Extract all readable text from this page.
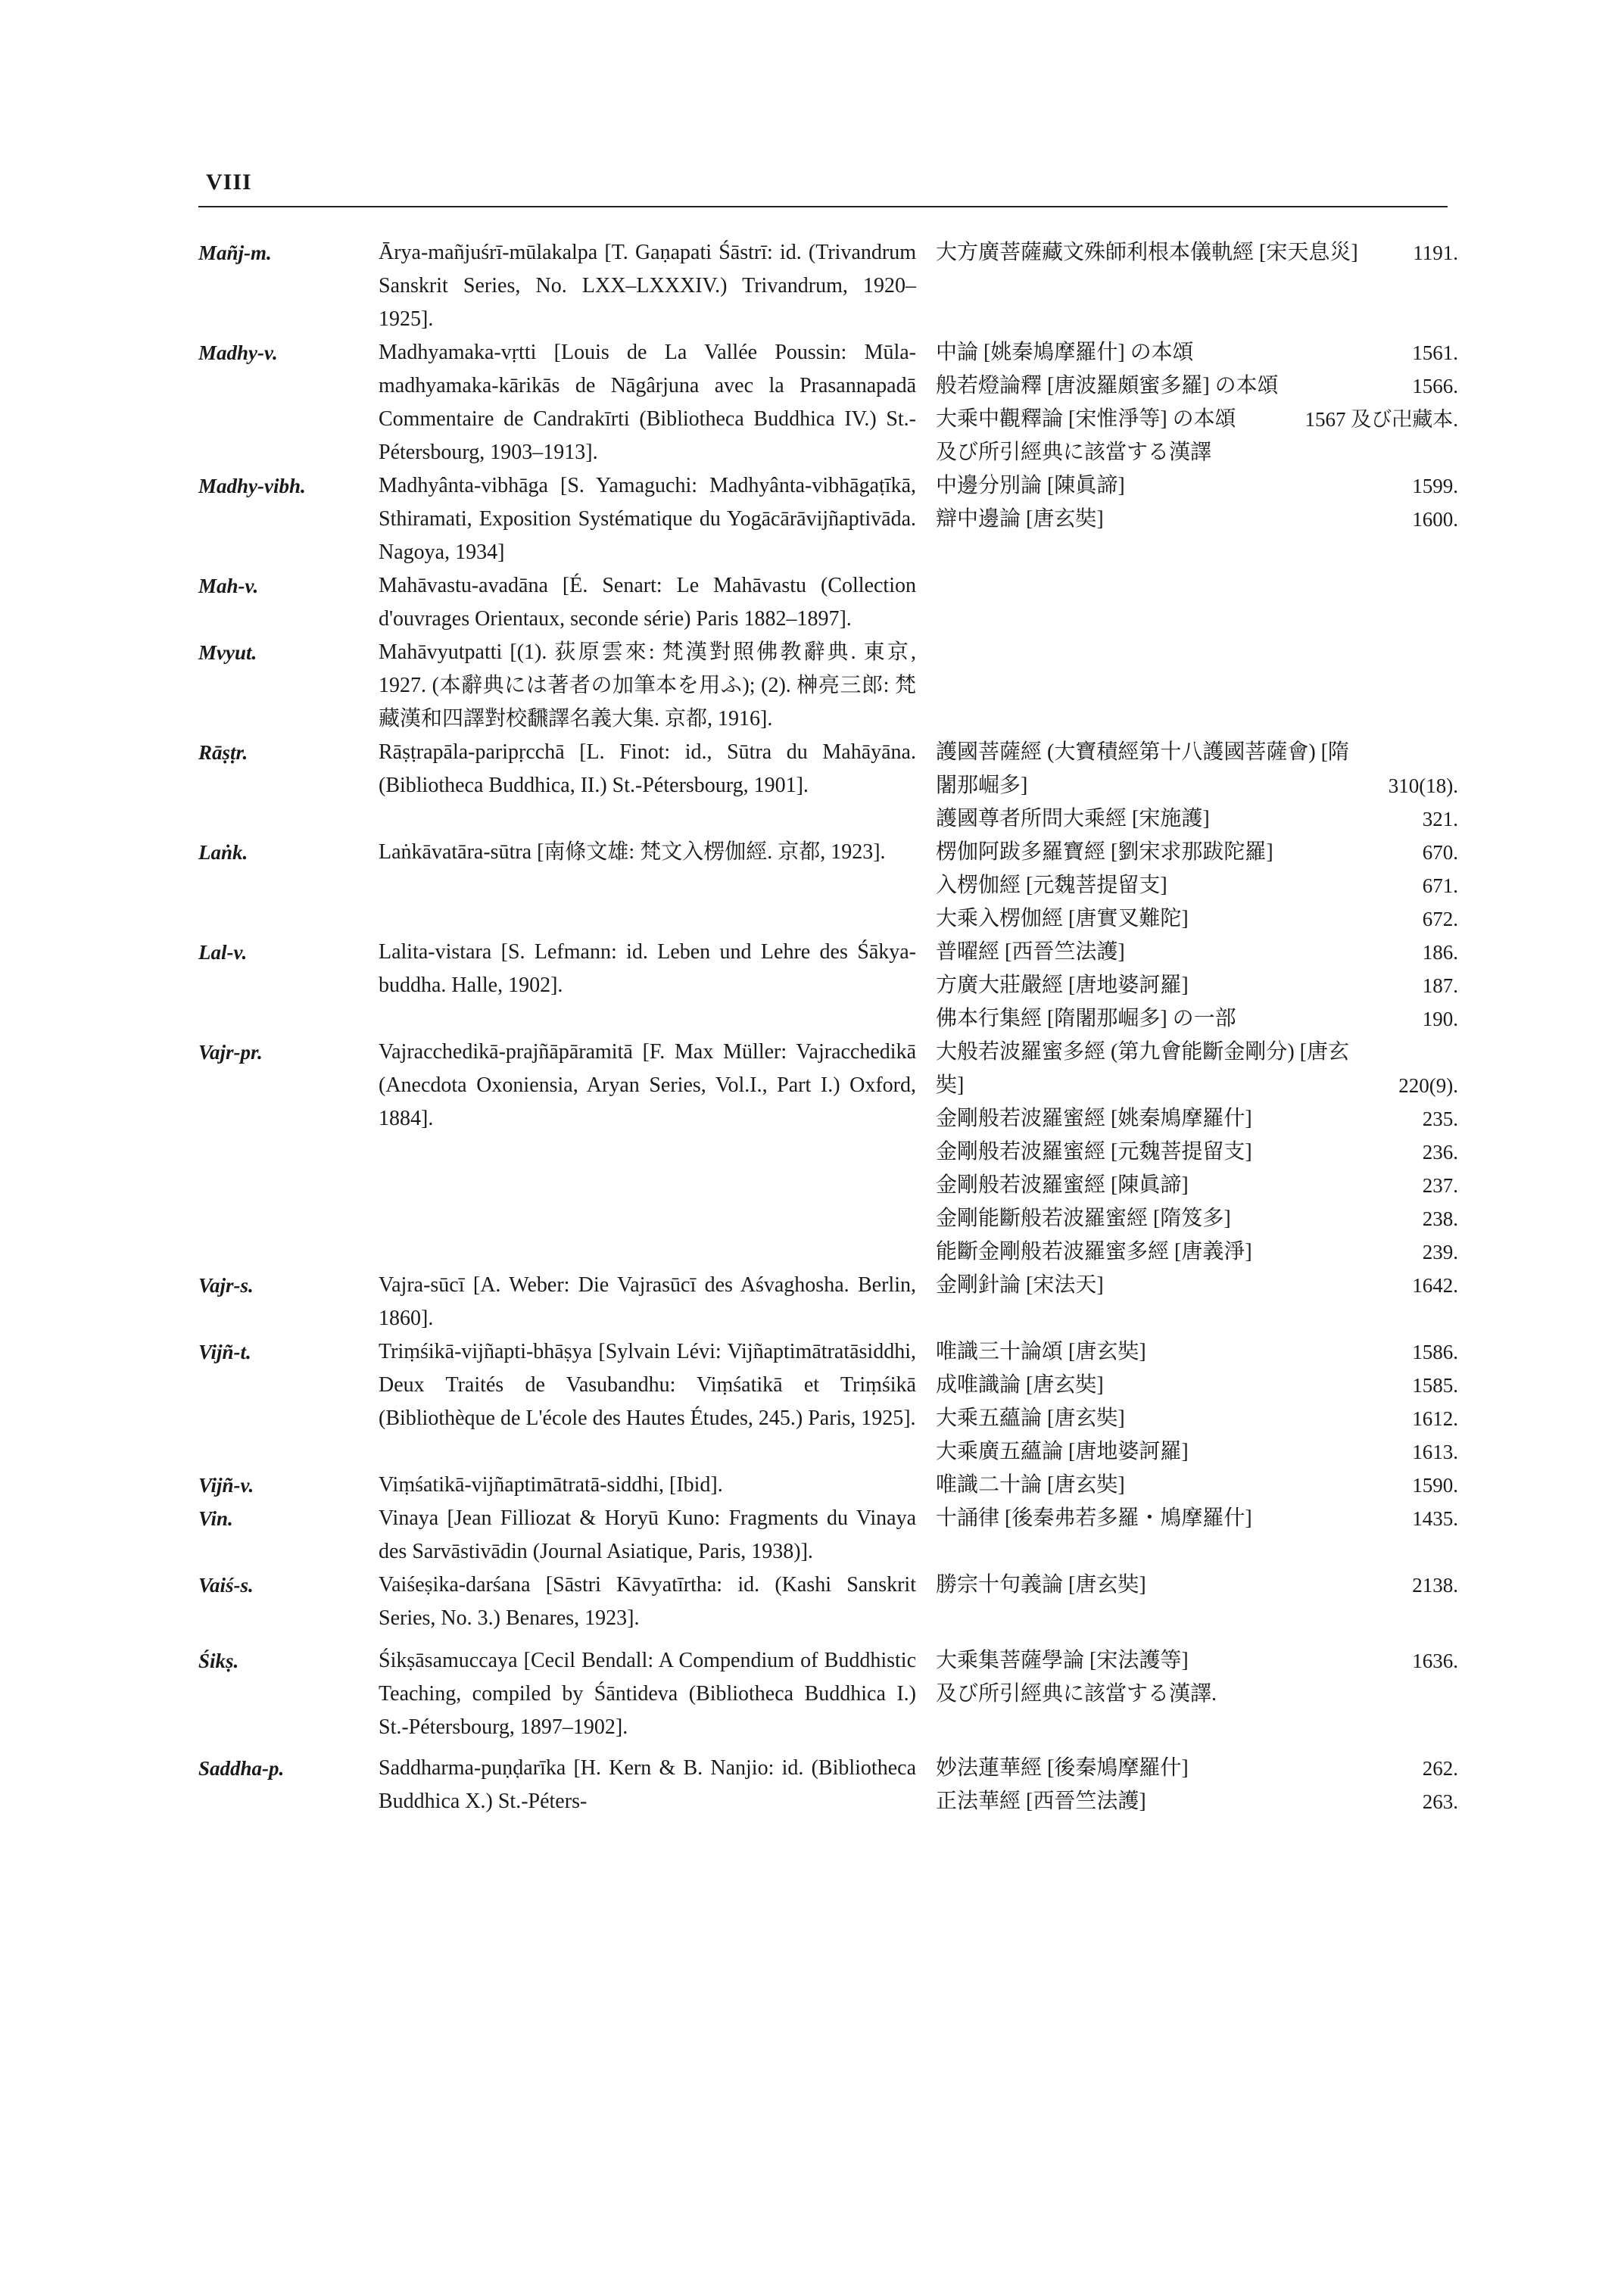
VIII
Mañj-m.	Ārya-mañjuśrī-mūlakalpa [T. Gaṇapati Śāstrī: id. (Trivandrum Sanskrit Series, No. LXX–LXXXIV.) Trivandrum, 1920–1925].
大方廣菩薩藏文殊師利根本儀軌經 [宋天息災]	1191.
Madhy-v.	Madhyamaka-vṛtti [Louis de La Vallée Poussin: Mūla-madhyamaka-kārikās de Nāgârjuna avec la Prasannapadā Commentaire de Candrakīrti (Bibliotheca Buddhica IV.) St.-Pétersbourg, 1903–1913].
中論 [姚秦鳩摩羅什] の本頌	1561.
般若燈論釋 [唐波羅頗蜜多羅] の本頌	1566.
大乘中觀釋論 [宋惟淨等] の本頌	1567 及び卍藏本.
及び所引經典に該當する漢譯
Madhy-vibh.	Madhyânta-vibhāga [S. Yamaguchi: Madhyânta-vibhāgaṭīkā, Sthiramati, Exposition Systématique du Yogācārāvijñaptivāda. Nagoya, 1934]
中邊分別論 [陳眞諦]	1599.
辯中邊論 [唐玄奘]	1600.
Mah-v.	Mahāvastu-avadāna [É. Senart: Le Mahāvastu (Collection d'ouvrages Orientaux, seconde série) Paris 1882–1897].
Mvyut.	Mahāvyutpatti [(1). 荻原雲來: 梵漢對照佛教辭典. 東京, 1927. (本辭典には著者の加筆本を用ふ); (2). 榊亮三郎: 梵藏漢和四譯對校飜譯名義大集. 京都, 1916].
Rāṣṭr.	Rāṣṭrapāla-paripṛcchā [L. Finot: id., Sūtra du Mahāyāna. (Bibliotheca Buddhica, II.) St.-Pétersbourg, 1901].
護國菩薩經 (大寶積經第十八護國菩薩會) [隋闍那崛多]	310(18).
護國尊者所問大乘經 [宋施護]	321.
Laṅk.	Laṅkāvatāra-sūtra [南條文雄: 梵文入楞伽經. 京都, 1923].	楞伽阿跋多羅寶經 [劉宋求那跋陀羅]	670.
入楞伽經 [元魏菩提留支]	671.
大乘入楞伽經 [唐實叉難陀]	672.
Lal-v.	Lalita-vistara [S. Lefmann: id. Leben und Lehre des Śākya-buddha. Halle, 1902].
普曜經 [西晉竺法護]	186.
方廣大莊嚴經 [唐地婆訶羅]	187.
佛本行集經 [隋闍那崛多] の一部	190.
Vajr-pr.	Vajracchedikā-prajñāpāramitā [F. Max Müller: Vajracchedikā (Anecdota Oxoniensia, Aryan Series, Vol.I., Part I.) Oxford, 1884].
大般若波羅蜜多經 (第九會能斷金剛分) [唐玄奘]	220(9).
金剛般若波羅蜜經 [姚秦鳩摩羅什]	235.
金剛般若波羅蜜經 [元魏菩提留支]	236.
金剛般若波羅蜜經 [陳眞諦]	237.
金剛能斷般若波羅蜜經 [隋笈多]	238.
能斷金剛般若波羅蜜多經 [唐義淨]	239.
Vajr-s.	Vajra-sūcī [A. Weber: Die Vajrasūcī des Aśvaghosha. Berlin, 1860].
金剛針論 [宋法天]	1642.
Vijñ-t.	Triṃśikā-vijñapti-bhāṣya [Sylvain Lévi: Vijñaptimātratāsiddhi, Deux Traités de Vasubandhu: Viṃśatikā et Triṃśikā (Bibliothèque de L'école des Hautes Études, 245.) Paris, 1925].
唯識三十論頌 [唐玄奘]	1586.
成唯識論 [唐玄奘]	1585.
大乘五蘊論 [唐玄奘]	1612.
大乘廣五蘊論 [唐地婆訶羅]	1613.
Vijñ-v.	Viṃśatikā-vijñaptimātratā-siddhi, [Ibid].	唯識二十論 [唐玄奘]	1590.
Vin.	Vinaya [Jean Filliozat & Horyū Kuno: Fragments du Vinaya des Sarvāstivādin (Journal Asiatique, Paris, 1938)].
十誦律 [後秦弗若多羅・鳩摩羅什]	1435.
Vaiś-s.	Vaiśeṣika-darśana [Sāstri Kāvyatīrtha: id. (Kashi Sanskrit Series, No. 3.) Benares, 1923].
勝宗十句義論 [唐玄奘]	2138.
Śikṣ.	Śikṣāsamuccaya [Cecil Bendall: A Compendium of Buddhistic Teaching, compiled by Śāntideva (Bibliotheca Buddhica I.) St.-Pétersbourg, 1897–1902].
大乘集菩薩學論 [宋法護等]	1636.
及び所引經典に該當する漢譯.
Saddha-p.	Saddharma-puṇḍarīka [H. Kern & B. Nanjio: id. (Bibliotheca Buddhica X.) St.-Péters-
妙法蓮華經 [後秦鳩摩羅什]	262.
正法華經 [西晉竺法護]	263.
